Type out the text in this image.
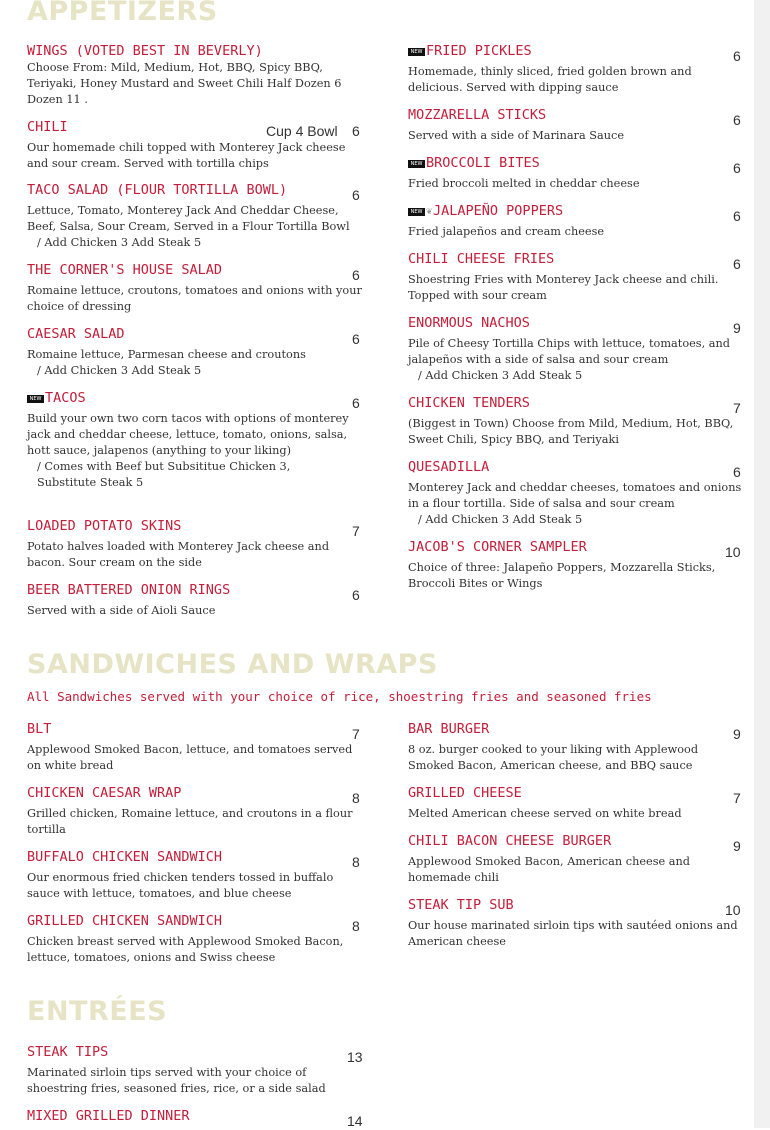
APPETIZERS
WINGS (VOTED BEST IN BEVERLY)
Choose From: Mild, Medium, Hot, BBQ, Spicy BBQ, Teriyaki, Honey Mustard and Sweet Chili Half Dozen 6 Dozen 11 .
CHILI
Our homemade chili topped with Monterey Jack cheese and sour cream. Served with tortilla chips
Cup 4 Bowl 6
TACO SALAD (FLOUR TORTILLA BOWL)
Lettuce, Tomato, Monterey Jack And Cheddar Cheese, Beef, Salsa, Sour Cream, Served in a Flour Tortilla Bowl
/ Add Chicken 3 Add Steak 5
6
THE CORNER'S HOUSE SALAD
Romaine lettuce, croutons, tomatoes and onions with your choice of dressing
6
CAESAR SALAD
Romaine lettuce, Parmesan cheese and croutons
/ Add Chicken 3 Add Steak 5
6
NEW TACOS
Build your own two corn tacos with options of monterey jack and cheddar cheese, lettuce, tomato, onions, salsa, hott sauce, jalapenos (anything to your liking)
/ Comes with Beef but Subsititue Chicken 3, Substitute Steak 5
6
LOADED POTATO SKINS
Potato halves loaded with Monterey Jack cheese and bacon. Sour cream on the side
7
BEER BATTERED ONION RINGS
Served with a side of Aioli Sauce
6
NEW FRIED PICKLES
Homemade, thinly sliced, fried golden brown and delicious. Served with dipping sauce
6
MOZZARELLA STICKS
Served with a side of Marinara Sauce
6
NEW BROCCOLI BITES
Fried broccoli melted in cheddar cheese
6
NEW ❦JALAPEÑO POPPERS
Fried jalapeños and cream cheese
6
CHILI CHEESE FRIES
Shoestring Fries with Monterey Jack cheese and chili. Topped with sour cream
6
ENORMOUS NACHOS
Pile of Cheesy Tortilla Chips with lettuce, tomatoes, and jalapeños with a side of salsa and sour cream
/ Add Chicken 3 Add Steak 5
9
CHICKEN TENDERS
(Biggest in Town) Choose from Mild, Medium, Hot, BBQ, Sweet Chili, Spicy BBQ, and Teriyaki
7
QUESADILLA
Monterey Jack and cheddar cheeses, tomatoes and onions in a flour tortilla. Side of salsa and sour cream
/ Add Chicken 3 Add Steak 5
6
JACOB'S CORNER SAMPLER
Choice of three: Jalapeño Poppers, Mozzarella Sticks, Broccoli Bites or Wings
10
SANDWICHES AND WRAPS
All Sandwiches served with your choice of rice, shoestring fries and seasoned fries
BLT
Applewood Smoked Bacon, lettuce, and tomatoes served on white bread
7
CHICKEN CAESAR WRAP
Grilled chicken, Romaine lettuce, and croutons in a flour tortilla
8
BUFFALO CHICKEN SANDWICH
Our enormous fried chicken tenders tossed in buffalo sauce with lettuce, tomatoes, and blue cheese
8
GRILLED CHICKEN SANDWICH
Chicken breast served with Applewood Smoked Bacon, lettuce, tomatoes, onions and Swiss cheese
8
BAR BURGER
8 oz. burger cooked to your liking with Applewood Smoked Bacon, American cheese, and BBQ sauce
9
GRILLED CHEESE
Melted American cheese served on white bread
7
CHILI BACON CHEESE BURGER
Applewood Smoked Bacon, American cheese and homemade chili
9
STEAK TIP SUB
Our house marinated sirloin tips with sautéed onions and American cheese
10
ENTRÉES
STEAK TIPS
Marinated sirloin tips served with your choice of shoestring fries, seasoned fries, rice, or a side salad
13
MIXED GRILLED DINNER	14
